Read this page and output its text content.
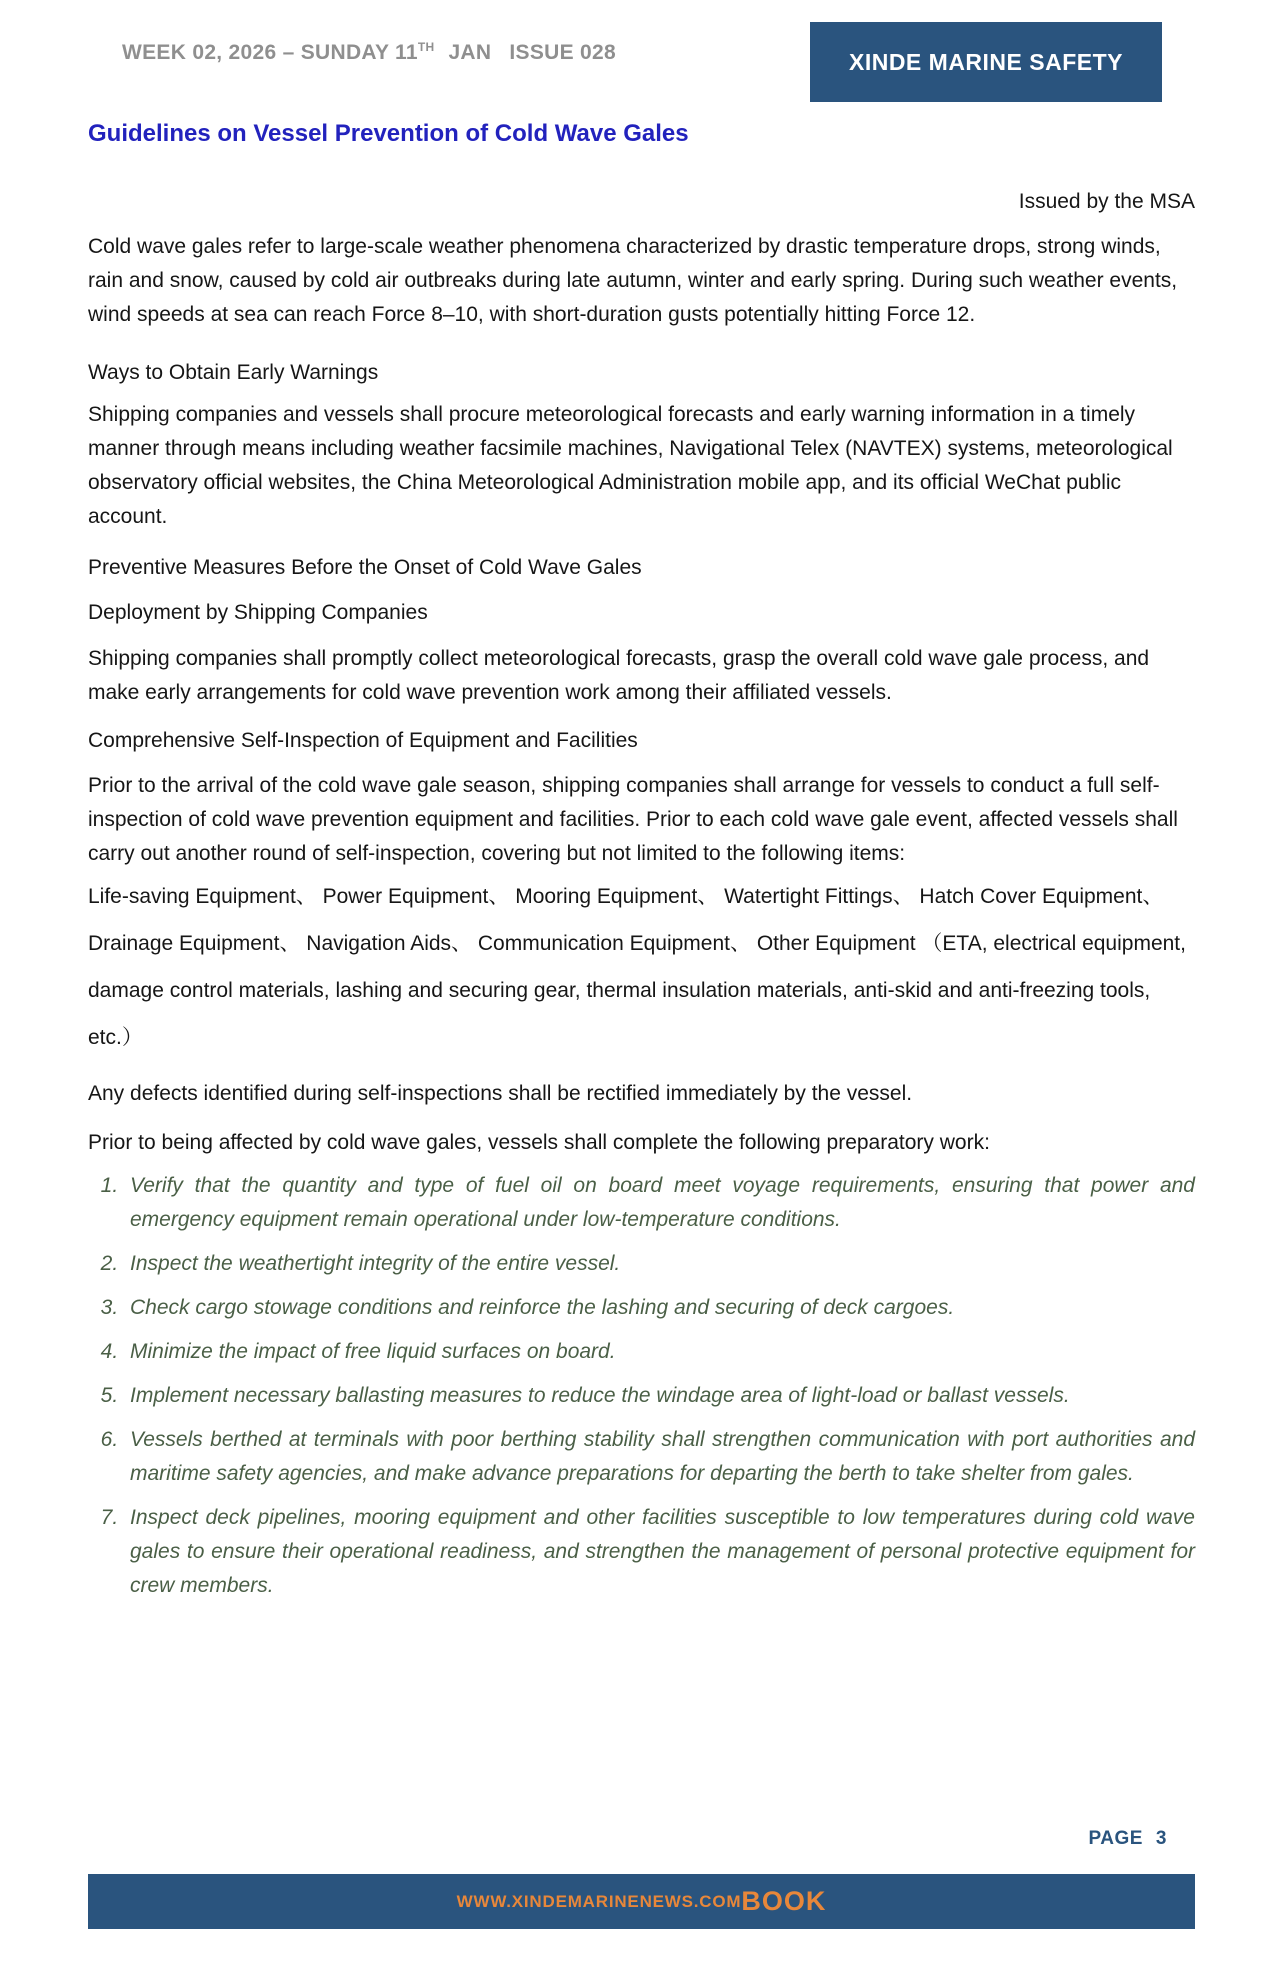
WEEK 02, 2026 – SUNDAY 11TH JAN ISSUE 028	XINDE MARINE SAFETY
Guidelines on Vessel Prevention of Cold Wave Gales
Issued by the MSA

Cold wave gales refer to large-scale weather phenomena characterized by drastic temperature drops, strong winds, rain and snow, caused by cold air outbreaks during late autumn, winter and early spring. During such weather events, wind speeds at sea can reach Force 8–10, with short-duration gusts potentially hitting Force 12.

Ways to Obtain Early Warnings

Shipping companies and vessels shall procure meteorological forecasts and early warning information in a timely manner through means including weather facsimile machines, Navigational Telex (NAVTEX) systems, meteorological observatory official websites, the China Meteorological Administration mobile app, and its official WeChat public account.

Preventive Measures Before the Onset of Cold Wave Gales

Deployment by Shipping Companies

Shipping companies shall promptly collect meteorological forecasts, grasp the overall cold wave gale process, and make early arrangements for cold wave prevention work among their affiliated vessels.

Comprehensive Self-Inspection of Equipment and Facilities

Prior to the arrival of the cold wave gale season, shipping companies shall arrange for vessels to conduct a full self-inspection of cold wave prevention equipment and facilities. Prior to each cold wave gale event, affected vessels shall carry out another round of self-inspection, covering but not limited to the following items:

Life-saving Equipment、 Power Equipment、 Mooring Equipment、 Watertight Fittings、 Hatch Cover Equipment、 Drainage Equipment、 Navigation Aids、 Communication Equipment、 Other Equipment （ETA, electrical equipment, damage control materials, lashing and securing gear, thermal insulation materials, anti-skid and anti-freezing tools, etc.）

Any defects identified during self-inspections shall be rectified immediately by the vessel.

Prior to being affected by cold wave gales, vessels shall complete the following preparatory work:

1. Verify that the quantity and type of fuel oil on board meet voyage requirements, ensuring that power and emergency equipment remain operational under low-temperature conditions.
2. Inspect the weathertight integrity of the entire vessel.
3. Check cargo stowage conditions and reinforce the lashing and securing of deck cargoes.
4. Minimize the impact of free liquid surfaces on board.
5. Implement necessary ballasting measures to reduce the windage area of light-load or ballast vessels.
6. Vessels berthed at terminals with poor berthing stability shall strengthen communication with port authorities and maritime safety agencies, and make advance preparations for departing the berth to take shelter from gales.
7. Inspect deck pipelines, mooring equipment and other facilities susceptible to low temperatures during cold wave gales to ensure their operational readiness, and strengthen the management of personal protective equipment for crew members.
PAGE 3
WWW.XINDEMARINENEWS.COM BOOK
